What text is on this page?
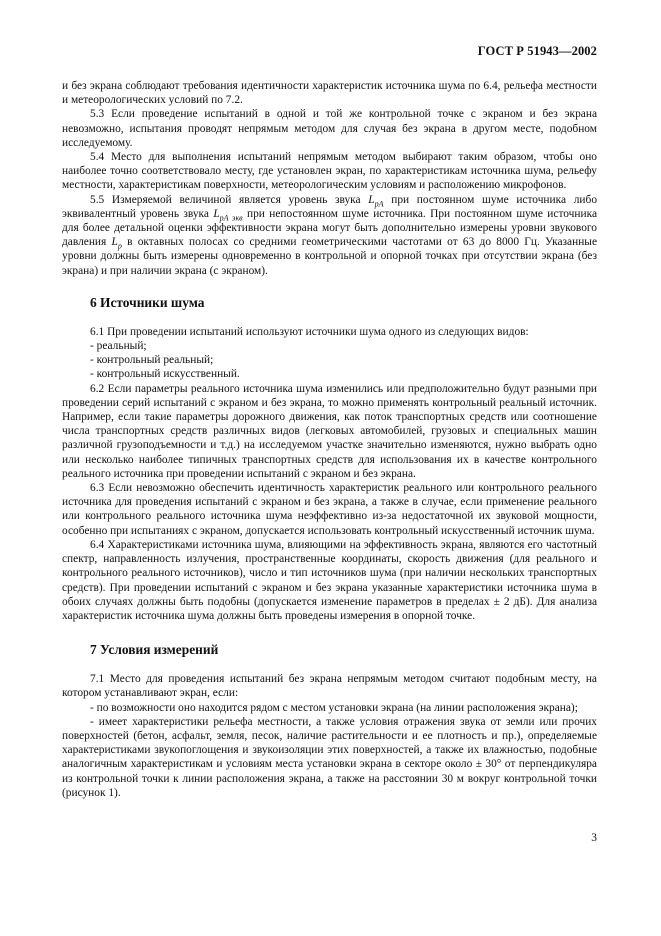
ГОСТ Р 51943—2002

и без экрана соблюдают требования идентичности характеристик источника шума по 6.4, рельефа местности и метеорологических условий по 7.2.

5.3 Если проведение испытаний в одной и той же контрольной точке с экраном и без экрана невозможно, испытания проводят непрямым методом для случая без экрана в другом месте, подобном исследуемому.

5.4 Место для выполнения испытаний непрямым методом выбирают таким образом, чтобы оно наиболее точно соответствовало месту, где установлен экран, по характеристикам источника шума, рельефу местности, характеристикам поверхности, метеорологическим условиям и расположению микрофонов.

5.5 Измеряемой величиной является уровень звука $L_{pA}$ при постоянном шуме источника либо эквивалентный уровень звука $L_{pA экв}$ при непостоянном шуме источника. При постоянном шуме источника для более детальной оценки эффективности экрана могут быть дополнительно измерены уровни звукового давления $L_p$ в октавных полосах со средними геометрическими частотами от 63 до 8000 Гц. Указанные уровни должны быть измерены одновременно в контрольной и опорной точках при отсутствии экрана (без экрана) и при наличии экрана (с экраном).

6 Источники шума

6.1 При проведении испытаний используют источники шума одного из следующих видов:

- реальный;

- контрольный реальный;

- контрольный искусственный.

6.2 Если параметры реального источника шума изменились или предположительно будут разными при проведении серий испытаний с экраном и без экрана, то можно применять контрольный реальный источник. Например, если такие параметры дорожного движения, как поток транспортных средств или соотношение числа транспортных средств различных видов (легковых автомобилей, грузовых и специальных машин различной грузоподъемности и т.д.) на исследуемом участке значительно изменяются, нужно выбрать одно или несколько наиболее типичных транспортных средств для использования их в качестве контрольного реального источника при проведении испытаний с экраном и без экрана.

6.3 Если невозможно обеспечить идентичность характеристик реального или контрольного реального источника для проведения испытаний с экраном и без экрана, а также в случае, если применение реального или контрольного реального источника шума неэффективно из-за недостаточной их звуковой мощности, особенно при испытаниях с экраном, допускается использовать контрольный искусственный источник шума.

6.4 Характеристиками источника шума, влияющими на эффективность экрана, являются его частотный спектр, направленность излучения, пространственные координаты, скорость движения (для реального и контрольного реального источников), число и тип источников шума (при наличии нескольких транспортных средств). При проведении испытаний с экраном и без экрана указанные характеристики источника шума в обоих случаях должны быть подобны (допускается изменение параметров в пределах ± 2 дБ). Для анализа характеристик источника шума должны быть проведены измерения в опорной точке.

7 Условия измерений

7.1 Место для проведения испытаний без экрана непрямым методом считают подобным месту, на котором устанавливают экран, если:

- по возможности оно находится рядом с местом установки экрана (на линии расположения экрана);

- имеет характеристики рельефа местности, а также условия отражения звука от земли или прочих поверхностей (бетон, асфальт, земля, песок, наличие растительности и ее плотность и пр.), определяемые характеристиками звукопоглощения и звукоизоляции этих поверхностей, а также их влажностью, подобные аналогичным характеристикам и условиям места установки экрана в секторе около ± 30° от перпендикуляра из контрольной точки к линии расположения экрана, а также на расстоянии 30 м вокруг контрольной точки (рисунок 1).

3
